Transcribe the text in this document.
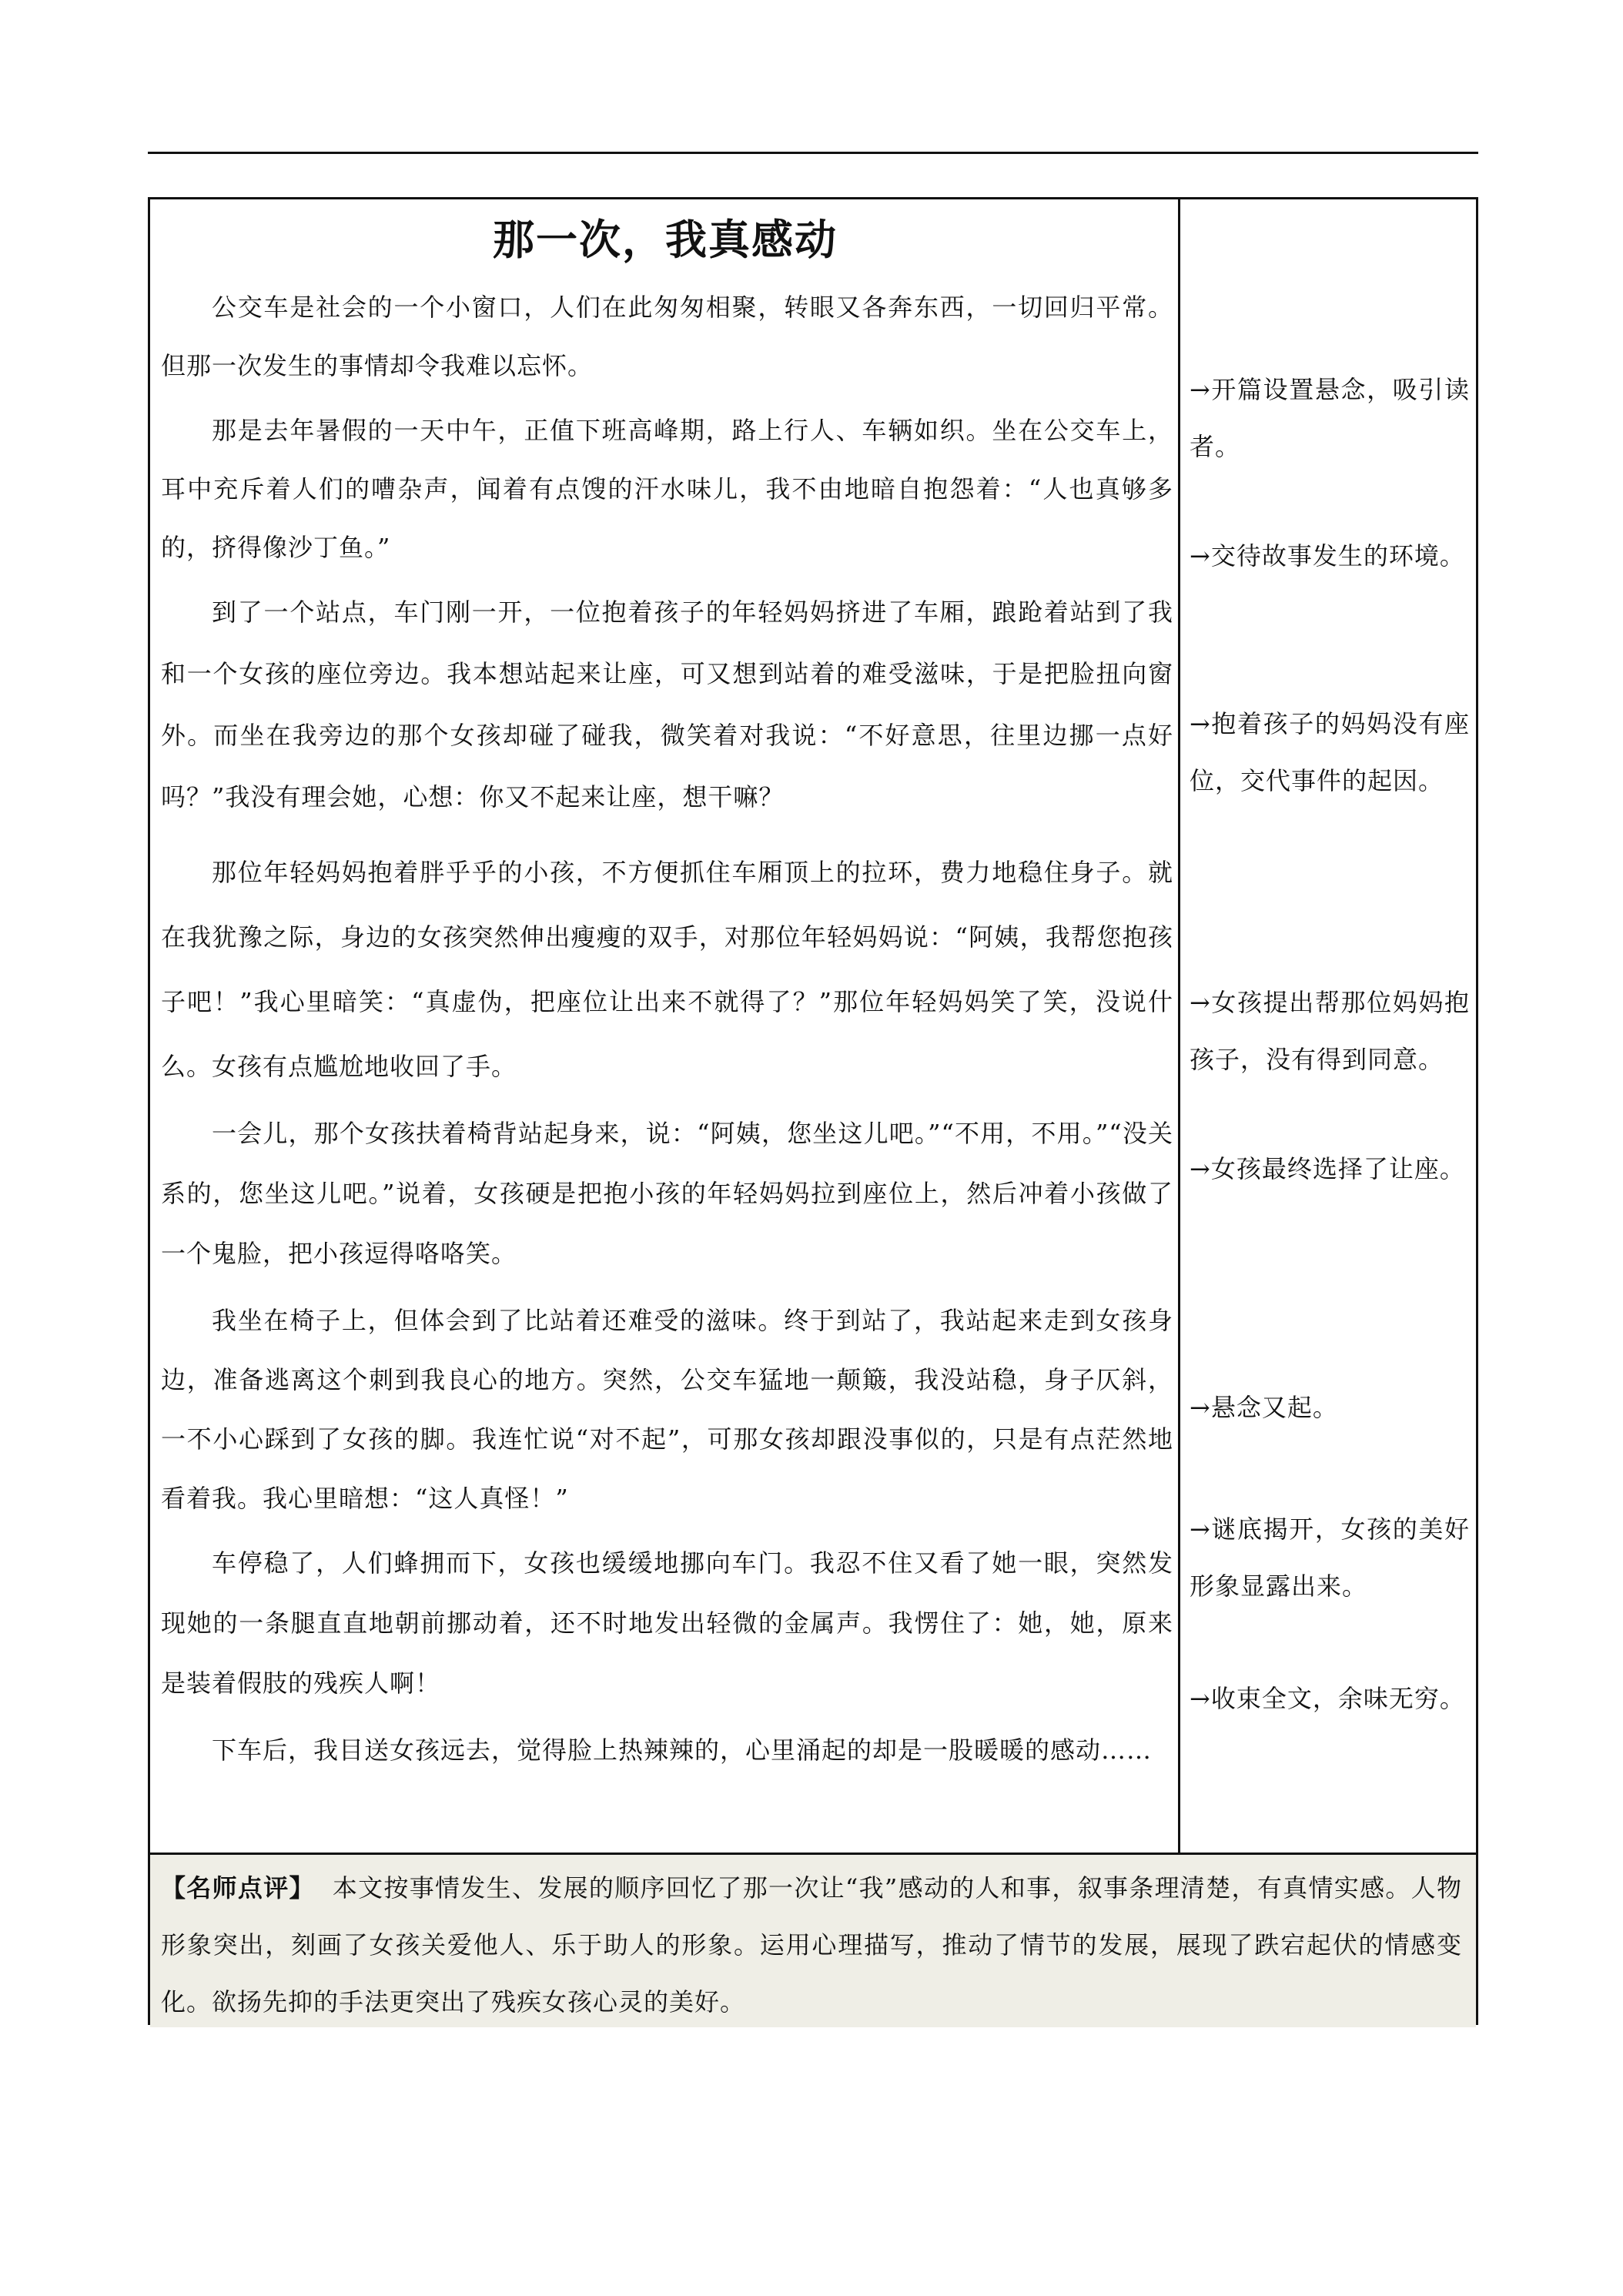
那一次，我真感动
公交车是社会的一个小窗口，人们在此匆匆相聚，转眼又各奔东西，一切回归平常。但那一次发生的事情却令我难以忘怀。
那是去年暑假的一天中午，正值下班高峰期，路上行人、车辆如织。坐在公交车上，耳中充斥着人们的嘈杂声，闻着有点馊的汗水味儿，我不由地暗自抱怨着：“人也真够多的，挤得像沙丁鱼。”
到了一个站点，车门刚一开，一位抱着孩子的年轻妈妈挤进了车厢，踉跄着站到了我和一个女孩的座位旁边。我本想站起来让座，可又想到站着的难受滋味，于是把脸扭向窗外。而坐在我旁边的那个女孩却碰了碰我，微笑着对我说：“不好意思，往里边挪一点好吗？”我没有理会她，心想：你又不起来让座，想干嘛？
那位年轻妈妈抱着胖乎乎的小孩，不方便抓住车厢顶上的拉环，费力地稳住身子。就在我犹豫之际，身边的女孩突然伸出瘦瘦的双手，对那位年轻妈妈说：“阿姨，我帮您抱孩子吧！”我心里暗笑：“真虚伪，把座位让出来不就得了？”那位年轻妈妈笑了笑，没说什么。女孩有点尴尬地收回了手。
一会儿，那个女孩扶着椅背站起身来，说：“阿姨，您坐这儿吧。”“不用，不用。”“没关系的，您坐这儿吧。”说着，女孩硬是把抱小孩的年轻妈妈拉到座位上，然后冲着小孩做了一个鬼脸，把小孩逗得咯咯笑。
我坐在椅子上，但体会到了比站着还难受的滋味。终于到站了，我站起来走到女孩身边，准备逃离这个刺到我良心的地方。突然，公交车猛地一颠簸，我没站稳，身子仄斜，一不小心踩到了女孩的脚。我连忙说“对不起”，可那女孩却跟没事似的，只是有点茫然地看着我。我心里暗想：“这人真怪！”
车停稳了，人们蜂拥而下，女孩也缓缓地挪向车门。我忍不住又看了她一眼，突然发现她的一条腿直直地朝前挪动着，还不时地发出轻微的金属声。我愣住了：她，她，原来是装着假肢的残疾人啊！
下车后，我目送女孩远去，觉得脸上热辣辣的，心里涌起的却是一股暖暖的感动……
→开篇设置悬念，吸引读者。
→交待故事发生的环境。
→抱着孩子的妈妈没有座位，交代事件的起因。
→女孩提出帮那位妈妈抱孩子，没有得到同意。
→女孩最终选择了让座。
→悬念又起。
→谜底揭开，女孩的美好形象显露出来。
→收束全文，余味无穷。
【名师点评】 本文按事情发生、发展的顺序回忆了那一次让“我”感动的人和事，叙事条理清楚，有真情实感。人物形象突出，刻画了女孩关爱他人、乐于助人的形象。运用心理描写，推动了情节的发展，展现了跌宕起伏的情感变化。欲扬先抑的手法更突出了残疾女孩心灵的美好。
